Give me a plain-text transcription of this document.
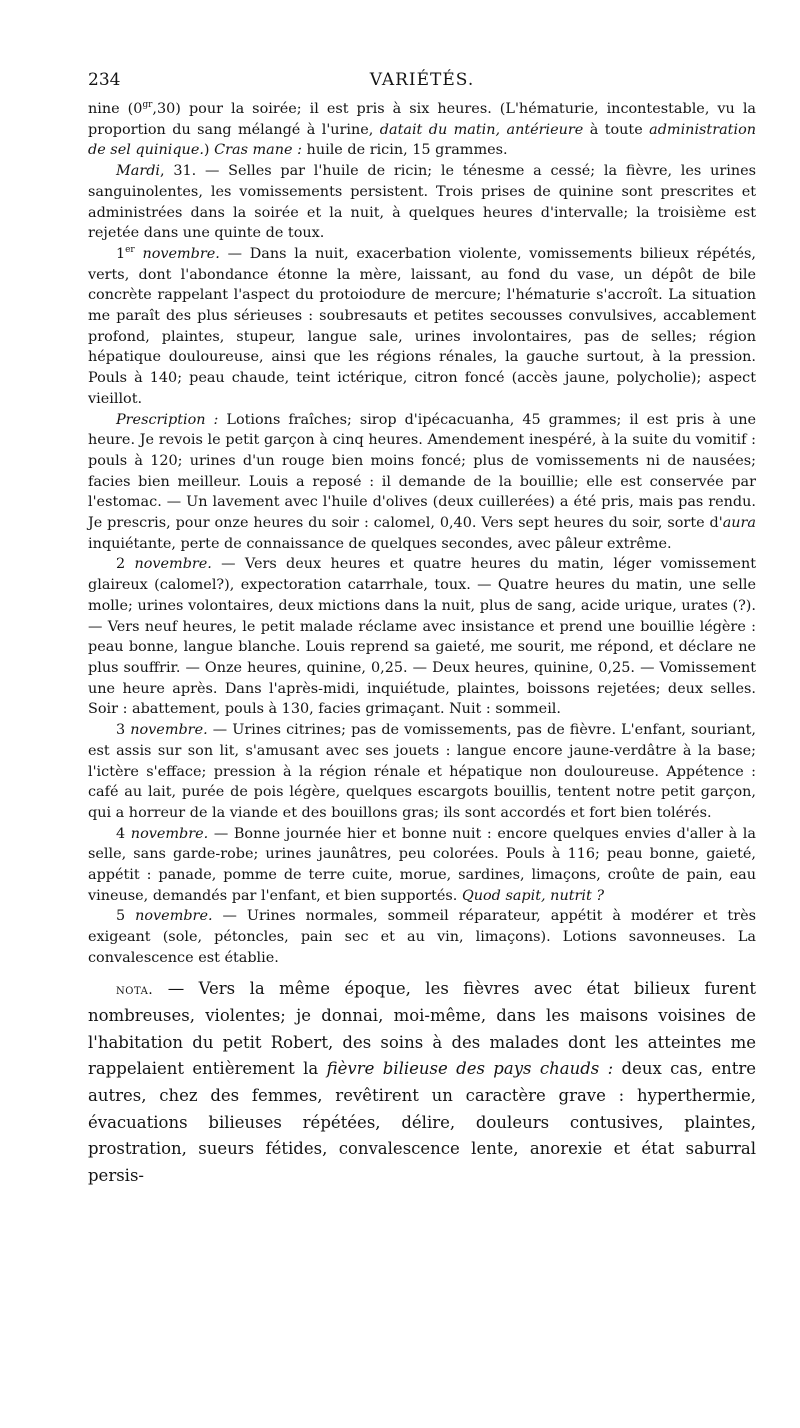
234	VARIÉTÉS.

nine $(0^{gr},30)$ pour la soirée; il est pris à six heures. (L'hématurie, incontestable, vu la proportion du sang mélangé à l'urine, datait du matin, antérieure à toute administration de sel quinique.) Cras mane : huile de ricin, 15 grammes.

Mardi, 31. — Selles par l'huile de ricin; le ténesme a cessé; la fièvre, les urines sanguinolentes, les vomissements persistent. Trois prises de quinine sont prescrites et administrées dans la soirée et la nuit, à quelques heures d'intervalle; la troisième est rejetée dans une quinte de toux.

1er novembre. — Dans la nuit, exacerbation violente, vomissements bilieux répétés, verts, dont l'abondance étonne la mère, laissant, au fond du vase, un dépôt de bile concrète rappelant l'aspect du protoiodure de mercure; l'hématurie s'accroît. La situation me paraît des plus sérieuses : soubresauts et petites secousses convulsives, accablement profond, plaintes, stupeur, langue sale, urines involontaires, pas de selles; région hépatique douloureuse, ainsi que les régions rénales, la gauche surtout, à la pression. Pouls à 140; peau chaude, teint ictérique, citron foncé (accès jaune, polycholie); aspect vieillot.

Prescription : Lotions fraîches; sirop d'ipécacuanha, 45 grammes; il est pris à une heure. Je revois le petit garçon à cinq heures. Amendement inespéré, à la suite du vomitif : pouls à 120; urines d'un rouge bien moins foncé; plus de vomissements ni de nausées; facies bien meilleur. Louis a reposé : il demande de la bouillie; elle est conservée par l'estomac. — Un lavement avec l'huile d'olives (deux cuillerées) a été pris, mais pas rendu. Je prescris, pour onze heures du soir : calomel, 0,40. Vers sept heures du soir, sorte d'aura inquiétante, perte de connaissance de quelques secondes, avec pâleur extrême.

2 novembre. — Vers deux heures et quatre heures du matin, léger vomissement glaireux (calomel?), expectoration catarrhale, toux. — Quatre heures du matin, une selle molle; urines volontaires, deux mictions dans la nuit, plus de sang, acide urique, urates (?). — Vers neuf heures, le petit malade réclame avec insistance et prend une bouillie légère : peau bonne, langue blanche. Louis reprend sa gaieté, me sourit, me répond, et déclare ne plus souffrir. — Onze heures, quinine, 0,25. — Deux heures, quinine, 0,25. — Vomissement une heure après. Dans l'après-midi, inquiétude, plaintes, boissons rejetées; deux selles. Soir : abattement, pouls à 130, facies grimaçant. Nuit : sommeil.

3 novembre. — Urines citrines; pas de vomissements, pas de fièvre. L'enfant, souriant, est assis sur son lit, s'amusant avec ses jouets : langue encore jaune-verdâtre à la base; l'ictère s'efface; pression à la région rénale et hépatique non douloureuse. Appétence : café au lait, purée de pois légère, quelques escargots bouillis, tentent notre petit garçon, qui a horreur de la viande et des bouillons gras; ils sont accordés et fort bien tolérés.

4 novembre. — Bonne journée hier et bonne nuit : encore quelques envies d'aller à la selle, sans garde-robe; urines jaunâtres, peu colorées. Pouls à 116; peau bonne, gaieté, appétit : panade, pomme de terre cuite, morue, sardines, limaçons, croûte de pain, eau vineuse, demandés par l'enfant, et bien supportés. Quod sapit, nutrit ?

5 novembre. — Urines normales, sommeil réparateur, appétit à modérer et très exigeant (sole, pétoncles, pain sec et au vin, limaçons). Lotions savonneuses. La convalescence est établie.

nota. — Vers la même époque, les fièvres avec état bilieux furent nombreuses, violentes; je donnai, moi-même, dans les maisons voisines de l'habitation du petit Robert, des soins à des malades dont les atteintes me rappelaient entièrement la fièvre bilieuse des pays chauds : deux cas, entre autres, chez des femmes, revêtirent un caractère grave : hyperthermie, évacuations bilieuses répétées, délire, douleurs contusives, plaintes, prostration, sueurs fétides, convalescence lente, anorexie et état saburral persis-
